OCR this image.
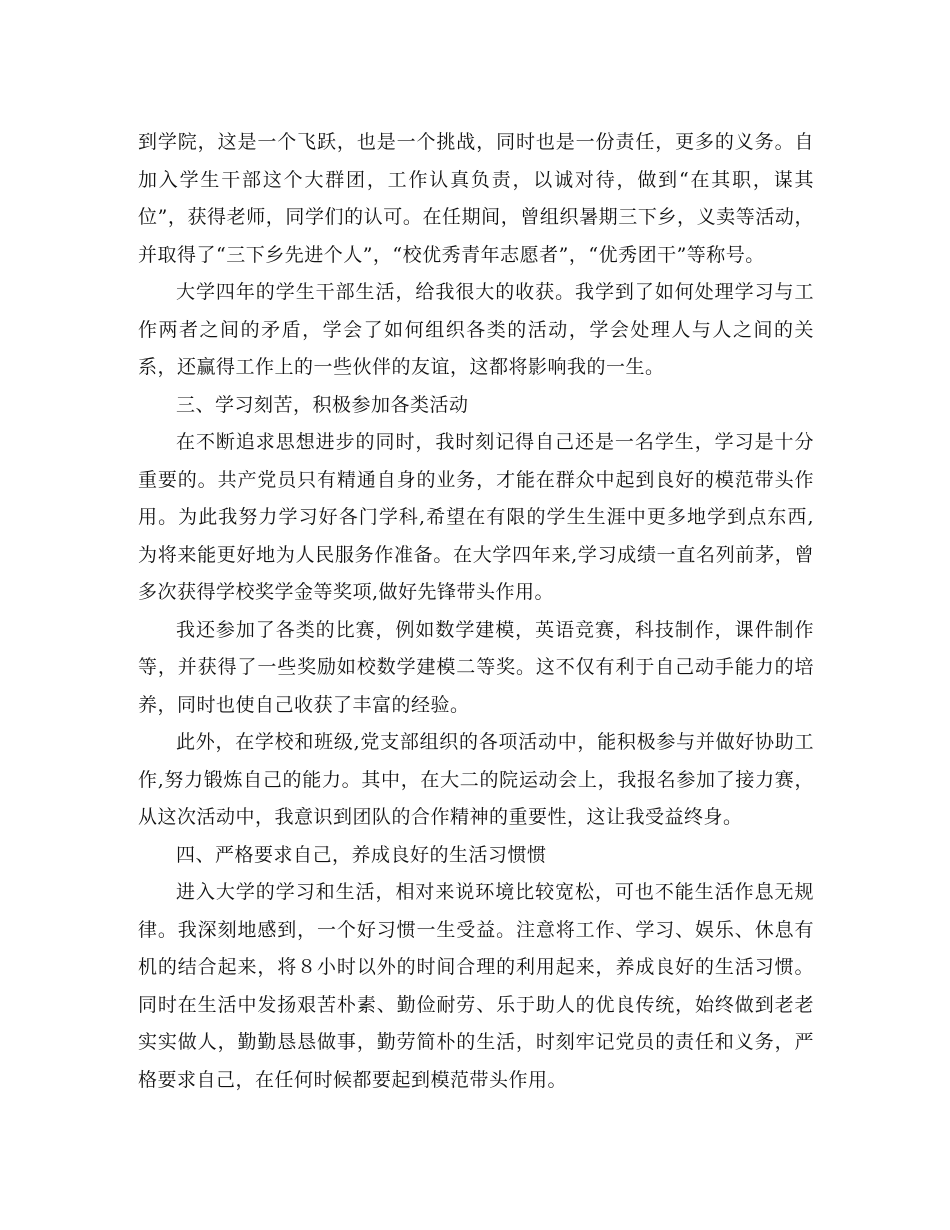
到学院，这是一个飞跃，也是一个挑战，同时也是一份责任，更多的义务。自加入学生干部这个大群团，工作认真负责，以诚对待，做到“在其职，谋其位”，获得老师，同学们的认可。在任期间，曾组织暑期三下乡，义卖等活动，并取得了“三下乡先进个人”，“校优秀青年志愿者”，“优秀团干”等称号。

大学四年的学生干部生活，给我很大的收获。我学到了如何处理学习与工作两者之间的矛盾，学会了如何组织各类的活动，学会处理人与人之间的关系，还赢得工作上的一些伙伴的友谊，这都将影响我的一生。

三、学习刻苦，积极参加各类活动

在不断追求思想进步的同时，我时刻记得自己还是一名学生，学习是十分重要的。共产党员只有精通自身的业务，才能在群众中起到良好的模范带头作用。为此我努力学习好各门学科,希望在有限的学生生涯中更多地学到点东西,为将来能更好地为人民服务作准备。在大学四年来,学习成绩一直名列前茅，曾多次获得学校奖学金等奖项,做好先锋带头作用。

我还参加了各类的比赛，例如数学建模，英语竞赛，科技制作，课件制作等，并获得了一些奖励如校数学建模二等奖。这不仅有利于自己动手能力的培养，同时也使自己收获了丰富的经验。

此外，在学校和班级,党支部组织的各项活动中，能积极参与并做好协助工作,努力锻炼自己的能力。其中，在大二的院运动会上，我报名参加了接力赛，从这次活动中，我意识到团队的合作精神的重要性，这让我受益终身。

四、严格要求自己，养成良好的生活习惯惯

进入大学的学习和生活，相对来说环境比较宽松，可也不能生活作息无规律。我深刻地感到，一个好习惯一生受益。注意将工作、学习、娱乐、休息有机的结合起来，将８小时以外的时间合理的利用起来，养成良好的生活习惯。同时在生活中发扬艰苦朴素、勤俭耐劳、乐于助人的优良传统，始终做到老老实实做人，勤勤恳恳做事，勤劳简朴的生活，时刻牢记党员的责任和义务，严格要求自己，在任何时候都要起到模范带头作用。
